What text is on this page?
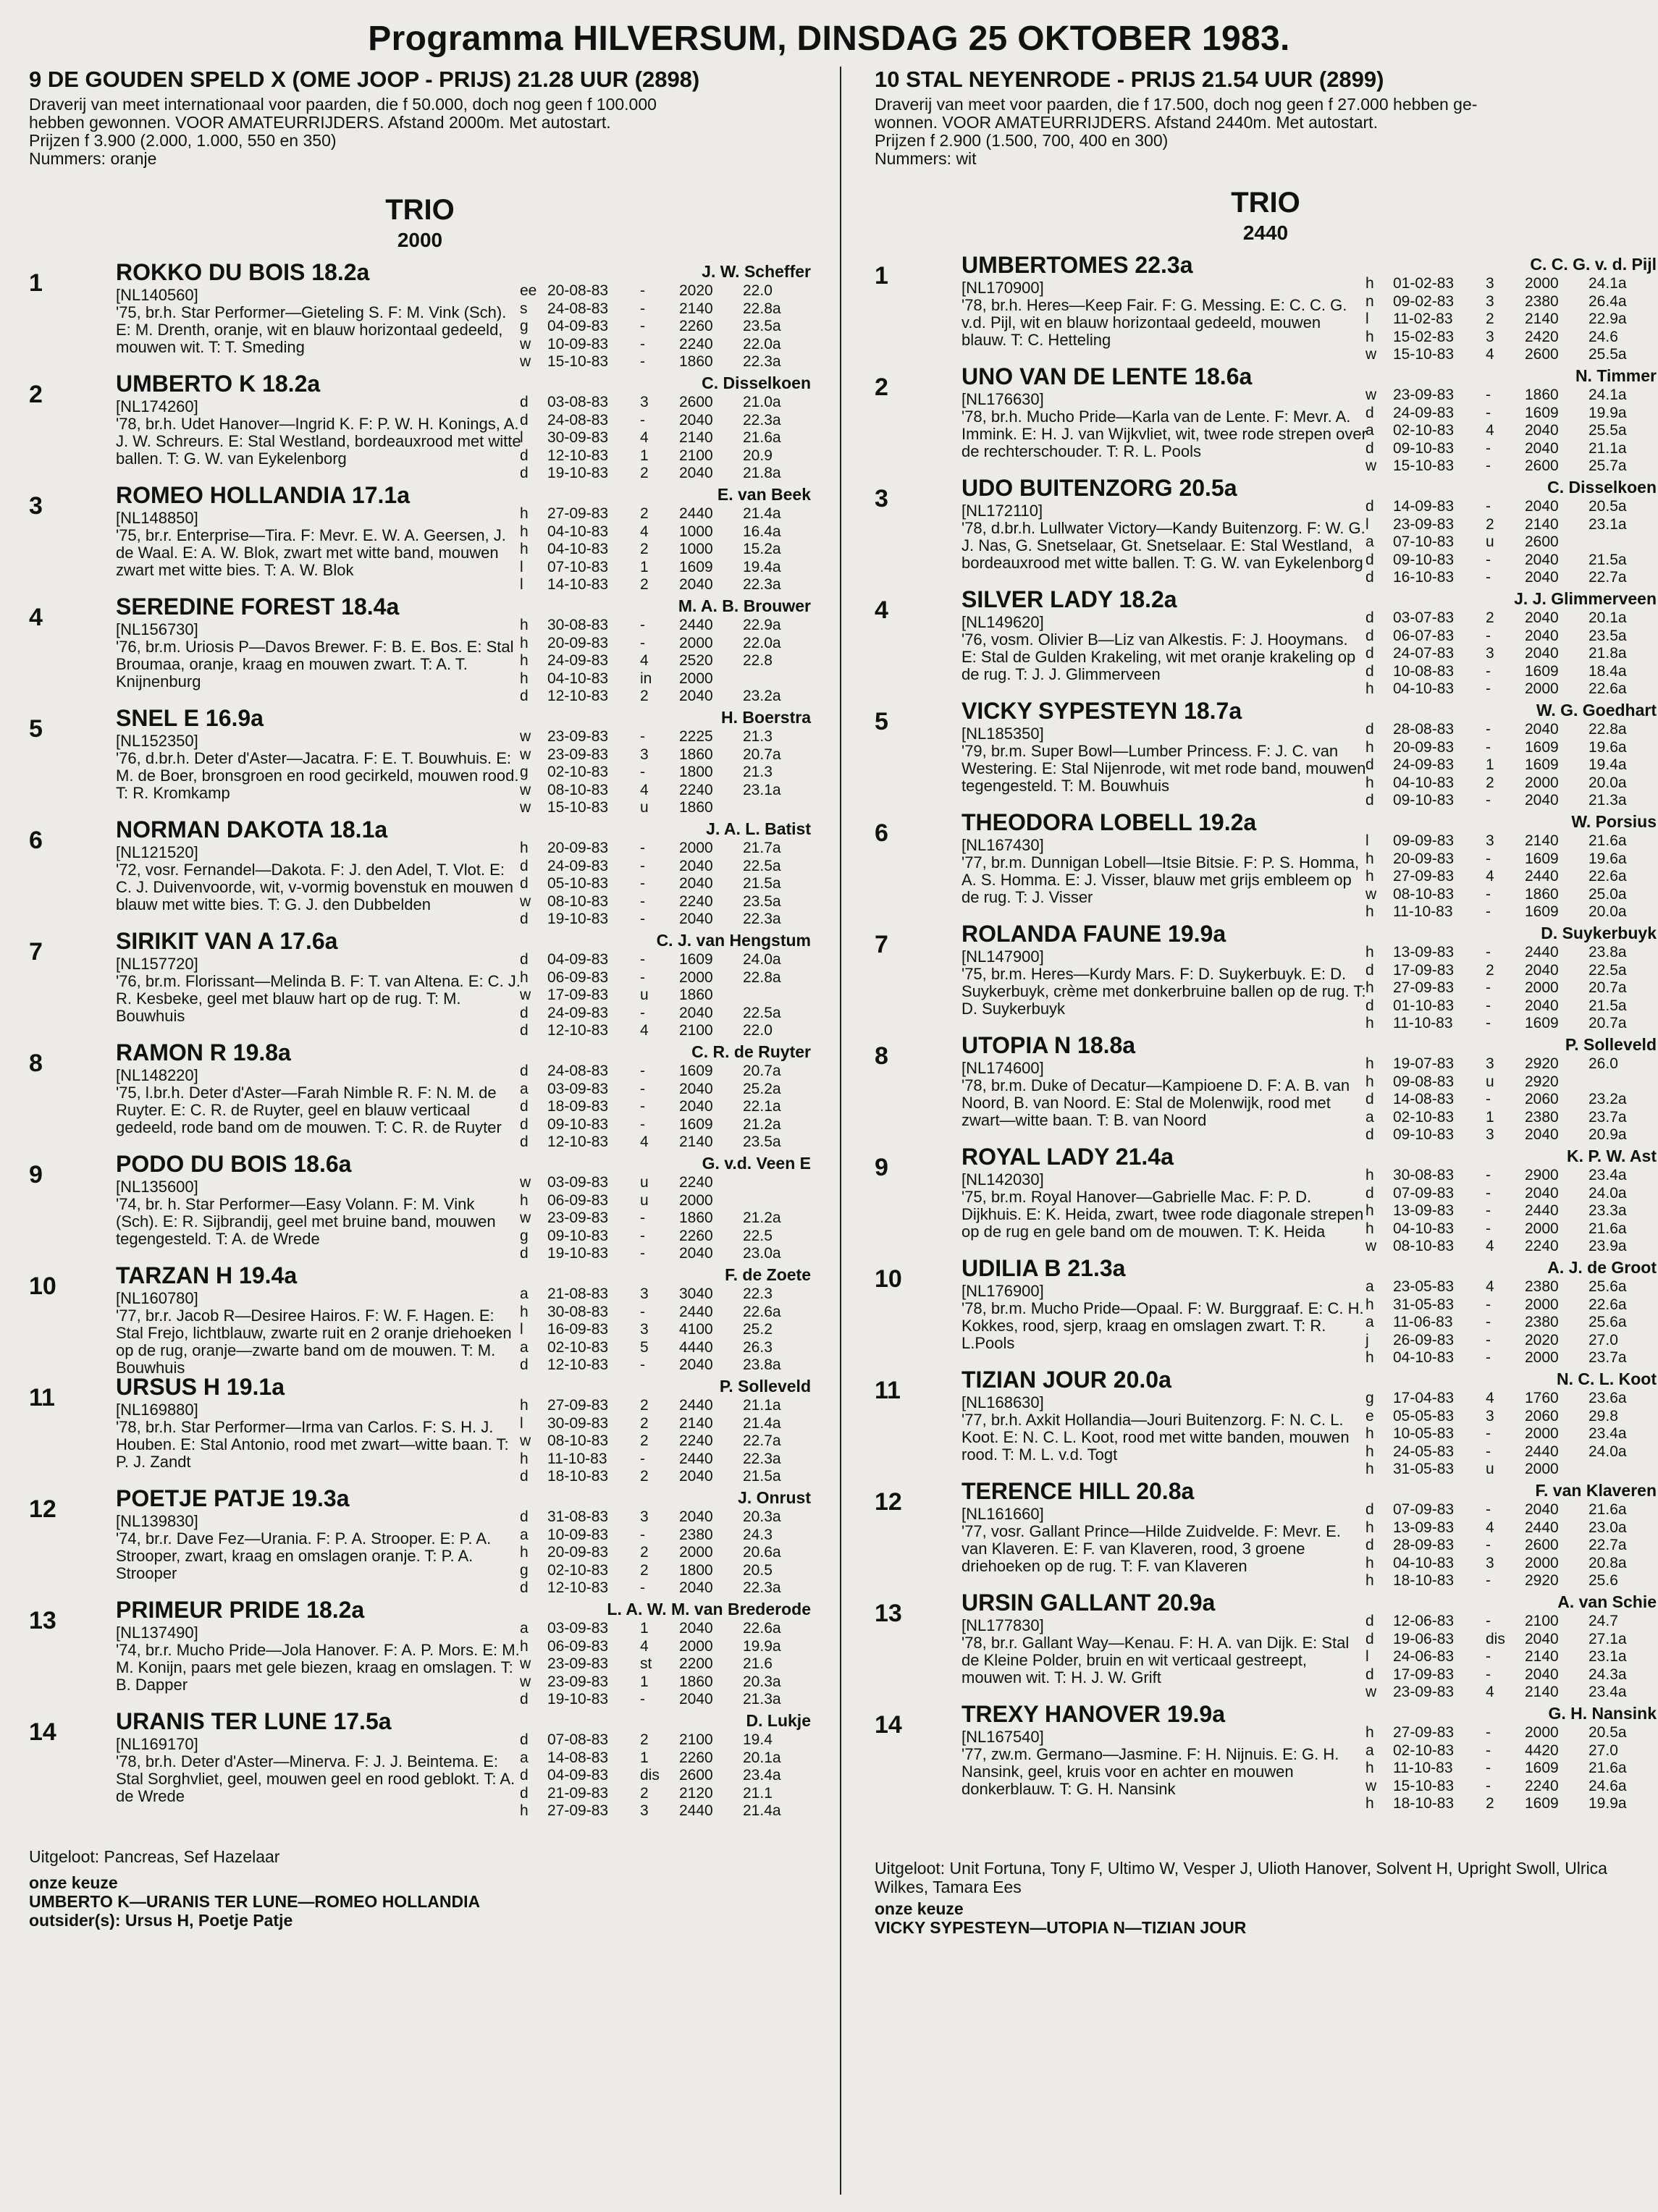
Programma HILVERSUM, DINSDAG 25 OKTOBER 1983.
9 DE GOUDEN SPELD X (OME JOOP - PRIJS) 21.28 UUR (2898)
Draverij van meet internationaal voor paarden, die f 50.000, doch nog geen f 100.000
hebben gewonnen. VOOR AMATEURRIJDERS. Afstand 2000m. Met autostart.
Prijzen f 3.900 (2.000, 1.000, 550 en 350)
Nummers: oranje
TRIO
2000
1	ROKKO DU BOIS 18.2a	J. W. Scheffer
[NL140560]
'75, br.h. Star Performer—Gieteling S. F: M. Vink (Sch). E: M. Drenth, oranje, wit en blauw horizontaal gedeeld, mouwen wit. T: T. Smeding
ee 20-08-83	-	2020	22.0
s	24-08-83	-	2140	22.8a
g	04-09-83	-	2260	23.5a
w	10-09-83	-	2240	22.0a
w	15-10-83	-	1860	22.3a
2	UMBERTO K 18.2a	C. Disselkoen
[NL174260]
'78, br.h. Udet Hanover—Ingrid K. F: P. W. H. Konings, A. J. W. Schreurs. E: Stal Westland, bordeauxrood met witte ballen. T: G. W. van Eykelenborg
d	03-08-83	3	2600	21.0a
d	24-08-83	-	2040	22.3a
l	30-09-83	4	2140	21.6a
d	12-10-83	1	2100	20.9
d	19-10-83	2	2040	21.8a
3	ROMEO HOLLANDIA 17.1a	E. van Beek
[NL148850]
'75, br.r. Enterprise—Tira. F: Mevr. E. W. A. Geersen, J. de Waal. E: A. W. Blok, zwart met witte band, mouwen zwart met witte bies. T: A. W. Blok
h	27-09-83	2	2440	21.4a
h	04-10-83	4	1000	16.4a
h	04-10-83	2	1000	15.2a
l	07-10-83	1	1609	19.4a
l	14-10-83	2	2040	22.3a
4	SEREDINE FOREST 18.4a	M. A. B. Brouwer
[NL156730]
'76, br.m. Uriosis P—Davos Brewer. F: B. E. Bos. E: Stal Broumaa, oranje, kraag en mouwen zwart. T: A. T. Knijnenburg
h	30-08-83	-	2440	22.9a
h	20-09-83	-	2000	22.0a
h	24-09-83	4	2520	22.8
h	04-10-83	in	2000
d	12-10-83	2	2040	23.2a
5	SNEL E 16.9a	H. Boerstra
[NL152350]
'76, d.br.h. Deter d'Aster—Jacatra. F: E. T. Bouwhuis. E: M. de Boer, bronsgroen en rood gecirkeld, mouwen rood. T: R. Kromkamp
w	23-09-83	-	2225	21.3
w	23-09-83	3	1860	20.7a
g	02-10-83	-	1800	21.3
w	08-10-83	4	2240	23.1a
w	15-10-83	u	1860
6	NORMAN DAKOTA 18.1a	J. A. L. Batist
[NL121520]
'72, vosr. Fernandel—Dakota. F: J. den Adel, T. Vlot. E: C. J. Duivenvoorde, wit, v-vormig bovenstuk en mouwen blauw met witte bies. T: G. J. den Dubbelden
h	20-09-83	-	2000	21.7a
d	24-09-83	-	2040	22.5a
d	05-10-83	-	2040	21.5a
w	08-10-83	-	2240	23.5a
d	19-10-83	-	2040	22.3a
7	SIRIKIT VAN A 17.6a	C. J. van Hengstum
[NL157720]
'76, br.m. Florissant—Melinda B. F: T. van Altena. E: C. J. R. Kesbeke, geel met blauw hart op de rug. T: M. Bouwhuis
d	04-09-83	-	1609	24.0a
h	06-09-83	-	2000	22.8a
w	17-09-83	u	1860
d	24-09-83	-	2040	22.5a
d	12-10-83	4	2100	22.0
8	RAMON R 19.8a	C. R. de Ruyter
[NL148220]
'75, l.br.h. Deter d'Aster—Farah Nimble R. F: N. M. de Ruyter. E: C. R. de Ruyter, geel en blauw verticaal gedeeld, rode band om de mouwen. T: C. R. de Ruyter
d	24-08-83	-	1609	20.7a
a	03-09-83	-	2040	25.2a
d	18-09-83	-	2040	22.1a
d	09-10-83	-	1609	21.2a
d	12-10-83	4	2140	23.5a
9	PODO DU BOIS 18.6a	G. v.d. Veen E
[NL135600]
'74, br. h. Star Performer—Easy Volann. F: M. Vink (Sch). E: R. Sijbrandij, geel met bruine band, mouwen tegengesteld. T: A. de Wrede
w	03-09-83	u	2240
h	06-09-83	u	2000
w	23-09-83	-	1860	21.2a
g	09-10-83	-	2260	22.5
d	19-10-83	-	2040	23.0a
10	TARZAN H 19.4a	F. de Zoete
[NL160780]
'77, br.r. Jacob R—Desiree Hairos. F: W. F. Hagen. E: Stal Frejo, lichtblauw, zwarte ruit en 2 oranje driehoeken op de rug, oranje—zwarte band om de mouwen. T: M. Bouwhuis
a	21-08-83	3	3040	22.3
h	30-08-83	-	2440	22.6a
l	16-09-83	3	4100	25.2
a	02-10-83	5	4440	26.3
d	12-10-83	-	2040	23.8a
11	URSUS H 19.1a	P. Solleveld
[NL169880]
'78, br.h. Star Performer—Irma van Carlos. F: S. H. J. Houben. E: Stal Antonio, rood met zwart—witte baan. T: P. J. Zandt
h	27-09-83	2	2440	21.1a
l	30-09-83	2	2140	21.4a
w	08-10-83	2	2240	22.7a
h	11-10-83	-	2440	22.3a
d	18-10-83	2	2040	21.5a
12	POETJE PATJE 19.3a	J. Onrust
[NL139830]
'74, br.r. Dave Fez—Urania. F: P. A. Strooper. E: P. A. Strooper, zwart, kraag en omslagen oranje. T: P. A. Strooper
d	31-08-83	3	2040	20.3a
a	10-09-83	-	2380	24.3
h	20-09-83	2	2000	20.6a
g	02-10-83	2	1800	20.5
d	12-10-83	-	2040	22.3a
13	PRIMEUR PRIDE 18.2a	L. A. W. M. van Brederode
[NL137490]
'74, br.r. Mucho Pride—Jola Hanover. F: A. P. Mors. E: M. M. Konijn, paars met gele biezen, kraag en omslagen. T: B. Dapper
a	03-09-83	1	2040	22.6a
h	06-09-83	4	2000	19.9a
w	23-09-83	st	2200	21.6
w	23-09-83	1	1860	20.3a
d	19-10-83	-	2040	21.3a
14	URANIS TER LUNE 17.5a	D. Lukje
[NL169170]
'78, br.h. Deter d'Aster—Minerva. F: J. J. Beintema. E: Stal Sorghvliet, geel, mouwen geel en rood geblokt. T: A. de Wrede
d	07-08-83	2	2100	19.4
a	14-08-83	1	2260	20.1a
d	04-09-83	dis	2600	23.4a
d	21-09-83	2	2120	21.1
h	27-09-83	3	2440	21.4a
Uitgeloot: Pancreas, Sef Hazelaar
onze keuze
UMBERTO K—URANIS TER LUNE—ROMEO HOLLANDIA
outsider(s): Ursus H, Poetje Patje
10 STAL NEYENRODE - PRIJS 21.54 UUR (2899)
Draverij van meet voor paarden, die f 17.500, doch nog geen f 27.000 hebben ge-
wonnen. VOOR AMATEURRIJDERS. Afstand 2440m. Met autostart.
Prijzen f 2.900 (1.500, 700, 400 en 300)
Nummers: wit
TRIO
2440
1	UMBERTOMES 22.3a	C. C. G. v. d. Pijl
[NL170900]
'78, br.h. Heres—Keep Fair. F: G. Messing. E: C. C. G. v.d. Pijl, wit en blauw horizontaal gedeeld, mouwen blauw. T: C. Hetteling
h	01-02-83	3	2000	24.1a
n	09-02-83	3	2380	26.4a
l	11-02-83	2	2140	22.9a
h	15-02-83	3	2420	24.6
w	15-10-83	4	2600	25.5a
2	UNO VAN DE LENTE 18.6a	N. Timmer
[NL176630]
'78, br.h. Mucho Pride—Karla van de Lente. F: Mevr. A. Immink. E: H. J. van Wijkvliet, wit, twee rode strepen over de rechterschouder. T: R. L. Pools
w	23-09-83	-	1860	24.1a
d	24-09-83	-	1609	19.9a
a	02-10-83	4	2040	25.5a
d	09-10-83	-	2040	21.1a
w	15-10-83	-	2600	25.7a
3	UDO BUITENZORG 20.5a	C. Disselkoen
[NL172110]
'78, d.br.h. Lullwater Victory—Kandy Buitenzorg. F: W. G. J. Nas, G. Snetselaar, Gt. Snetselaar. E: Stal Westland, bordeauxrood met witte ballen. T: G. W. van Eykelenborg
d	14-09-83	-	2040	20.5a
l	23-09-83	2	2140	23.1a
a	07-10-83	u	2600
d	09-10-83	-	2040	21.5a
d	16-10-83	-	2040	22.7a
4	SILVER LADY 18.2a	J. J. Glimmerveen
[NL149620]
'76, vosm. Olivier B—Liz van Alkestis. F: J. Hooymans. E: Stal de Gulden Krakeling, wit met oranje krakeling op de rug. T: J. J. Glimmerveen
d	03-07-83	2	2040	20.1a
d	06-07-83	-	2040	23.5a
d	24-07-83	3	2040	21.8a
d	10-08-83	-	1609	18.4a
h	04-10-83	-	2000	22.6a
5	VICKY SYPESTEYN 18.7a	W. G. Goedhart
[NL185350]
'79, br.m. Super Bowl—Lumber Princess. F: J. C. van Westering. E: Stal Nijenrode, wit met rode band, mouwen tegengesteld. T: M. Bouwhuis
d	28-08-83	-	2040	22.8a
h	20-09-83	-	1609	19.6a
d	24-09-83	1	1609	19.4a
h	04-10-83	2	2000	20.0a
d	09-10-83	-	2040	21.3a
6	THEODORA LOBELL 19.2a	W. Porsius
[NL167430]
'77, br.m. Dunnigan Lobell—Itsie Bitsie. F: P. S. Homma, A. S. Homma. E: J. Visser, blauw met grijs embleem op de rug. T: J. Visser
l	09-09-83	3	2140	21.6a
h	20-09-83	-	1609	19.6a
h	27-09-83	4	2440	22.6a
w	08-10-83	-	1860	25.0a
h	11-10-83	-	1609	20.0a
7	ROLANDA FAUNE 19.9a	D. Suykerbuyk
[NL147900]
'75, br.m. Heres—Kurdy Mars. F: D. Suykerbuyk. E: D. Suykerbuyk, crème met donkerbruine ballen op de rug. T: D. Suykerbuyk
h	13-09-83	-	2440	23.8a
d	17-09-83	2	2040	22.5a
h	27-09-83	-	2000	20.7a
d	01-10-83	-	2040	21.5a
h	11-10-83	-	1609	20.7a
8	UTOPIA N 18.8a	P. Solleveld
[NL174600]
'78, br.m. Duke of Decatur—Kampioene D. F: A. B. van Noord, B. van Noord. E: Stal de Molenwijk, rood met zwart—witte baan. T: B. van Noord
h	19-07-83	3	2920	26.0
h	09-08-83	u	2920
d	14-08-83	-	2060	23.2a
a	02-10-83	1	2380	23.7a
d	09-10-83	3	2040	20.9a
9	ROYAL LADY 21.4a	K. P. W. Ast
[NL142030]
'75, br.m. Royal Hanover—Gabrielle Mac. F: P. D. Dijkhuis. E: K. Heida, zwart, twee rode diagonale strepen op de rug en gele band om de mouwen. T: K. Heida
h	30-08-83	-	2900	23.4a
d	07-09-83	-	2040	24.0a
h	13-09-83	-	2440	23.3a
h	04-10-83	-	2000	21.6a
w	08-10-83	4	2240	23.9a
10	UDILIA B 21.3a	A. J. de Groot
[NL176900]
'78, br.m. Mucho Pride—Opaal. F: W. Burggraaf. E: C. H. Kokkes, rood, sjerp, kraag en omslagen zwart. T: R. L.Pools
a	23-05-83	4	2380	25.6a
h	31-05-83	-	2000	22.6a
a	11-06-83	-	2380	25.6a
j	26-09-83	-	2020	27.0
h	04-10-83	-	2000	23.7a
11	TIZIAN JOUR 20.0a	N. C. L. Koot
[NL168630]
'77, br.h. Axkit Hollandia—Jouri Buitenzorg. F: N. C. L. Koot. E: N. C. L. Koot, rood met witte banden, mouwen rood. T: M. L. v.d. Togt
g	17-04-83	4	1760	23.6a
e	05-05-83	3	2060	29.8
h	10-05-83	-	2000	23.4a
h	24-05-83	-	2440	24.0a
h	31-05-83	u	2000
12	TERENCE HILL 20.8a	F. van Klaveren
[NL161660]
'77, vosr. Gallant Prince—Hilde Zuidvelde. F: Mevr. E. van Klaveren. E: F. van Klaveren, rood, 3 groene driehoeken op de rug. T: F. van Klaveren
d	07-09-83	-	2040	21.6a
h	13-09-83	4	2440	23.0a
d	28-09-83	-	2600	22.7a
h	04-10-83	3	2000	20.8a
h	18-10-83	-	2920	25.6
13	URSIN GALLANT 20.9a	A. van Schie
[NL177830]
'78, br.r. Gallant Way—Kenau. F: H. A. van Dijk. E: Stal de Kleine Polder, bruin en wit verticaal gestreept, mouwen wit. T: H. J. W. Grift
d	12-06-83	-	2100	24.7
d	19-06-83	dis	2040	27.1a
l	24-06-83	-	2140	23.1a
d	17-09-83	-	2040	24.3a
w	23-09-83	4	2140	23.4a
14	TREXY HANOVER 19.9a	G. H. Nansink
[NL167540]
'77, zw.m. Germano—Jasmine. F: H. Nijnuis. E: G. H. Nansink, geel, kruis voor en achter en mouwen donkerblauw. T: G. H. Nansink
h	27-09-83	-	2000	20.5a
a	02-10-83	-	4420	27.0
h	11-10-83	-	1609	21.6a
w	15-10-83	-	2240	24.6a
h	18-10-83	2	1609	19.9a
Uitgeloot: Unit Fortuna, Tony F, Ultimo W, Vesper J, Ulioth Hanover, Solvent H, Upright Swoll, Ulrica Wilkes, Tamara Ees
onze keuze
VICKY SYPESTEYN—UTOPIA N—TIZIAN JOUR
